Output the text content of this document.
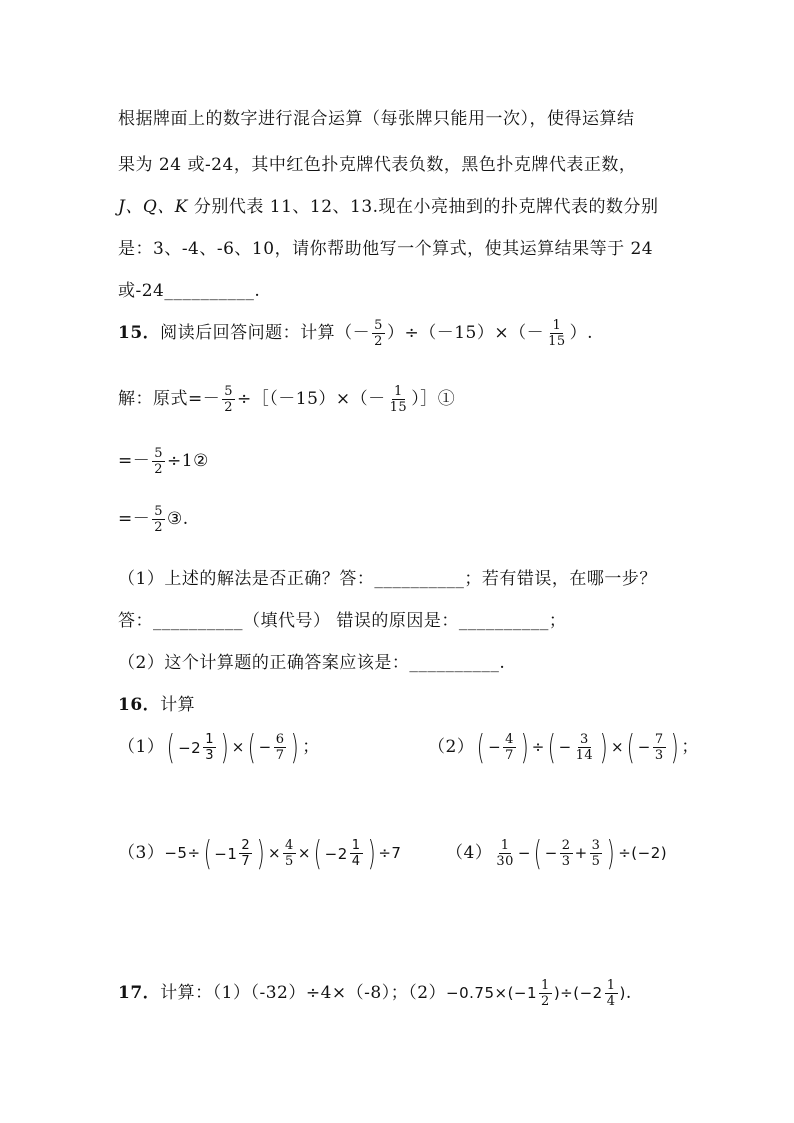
根据牌面上的数字进行混合运算（每张牌只能用一次），使得运算结
果为 24 或-24，其中红色扑克牌代表负数，黑色扑克牌代表正数，
J、Q、K 分别代表 11、12、13.现在小亮抽到的扑克牌代表的数分别
是：3、-4、-6、10，请你帮助他写一个算式，使其运算结果等于 24
或-24__________.
15．阅读后回答问题：计算（－ $\frac{5}{2} )\div(-15)\times(- \frac{1}{15}$ ）.
解：原式=－ $\frac{5}{2}$ ÷［（－15）×（－ $\frac{1}{15}$ ）］①
=－ $\frac{5}{2}$ ÷1②
=－ $\frac{5}{2}$ ③.
（1）上述的解法是否正确？答：__________；若有错误，在哪一步？
答：__________（填代号） 错误的原因是：__________；
（2）这个计算题的正确答案应该是：__________.
16．计算
$(1)( -2 \frac{1}{3}$ ) ×( − $\frac{6}{7}$ ) ；	$(2)( - \frac{4}{7}$ ) ÷( − $\frac{3}{14}$ ) ×( − $\frac{7}{3}$ ) ；
$(3)-5\div( -1 \frac{2}{7}$ ) × $\frac{4}{5}$ ×( $-2 \frac{1}{4}$ ) ÷7	$(4) \frac{1}{30}$ −( − $\frac{2}{3} + \frac{3}{5}$ ) ÷(−2)
17．计算：（1）（-32）÷4×（-8）；$(2)-0.75\times(-1 \frac{1}{2} )\div(-2 \frac{1}{4}$ ).
